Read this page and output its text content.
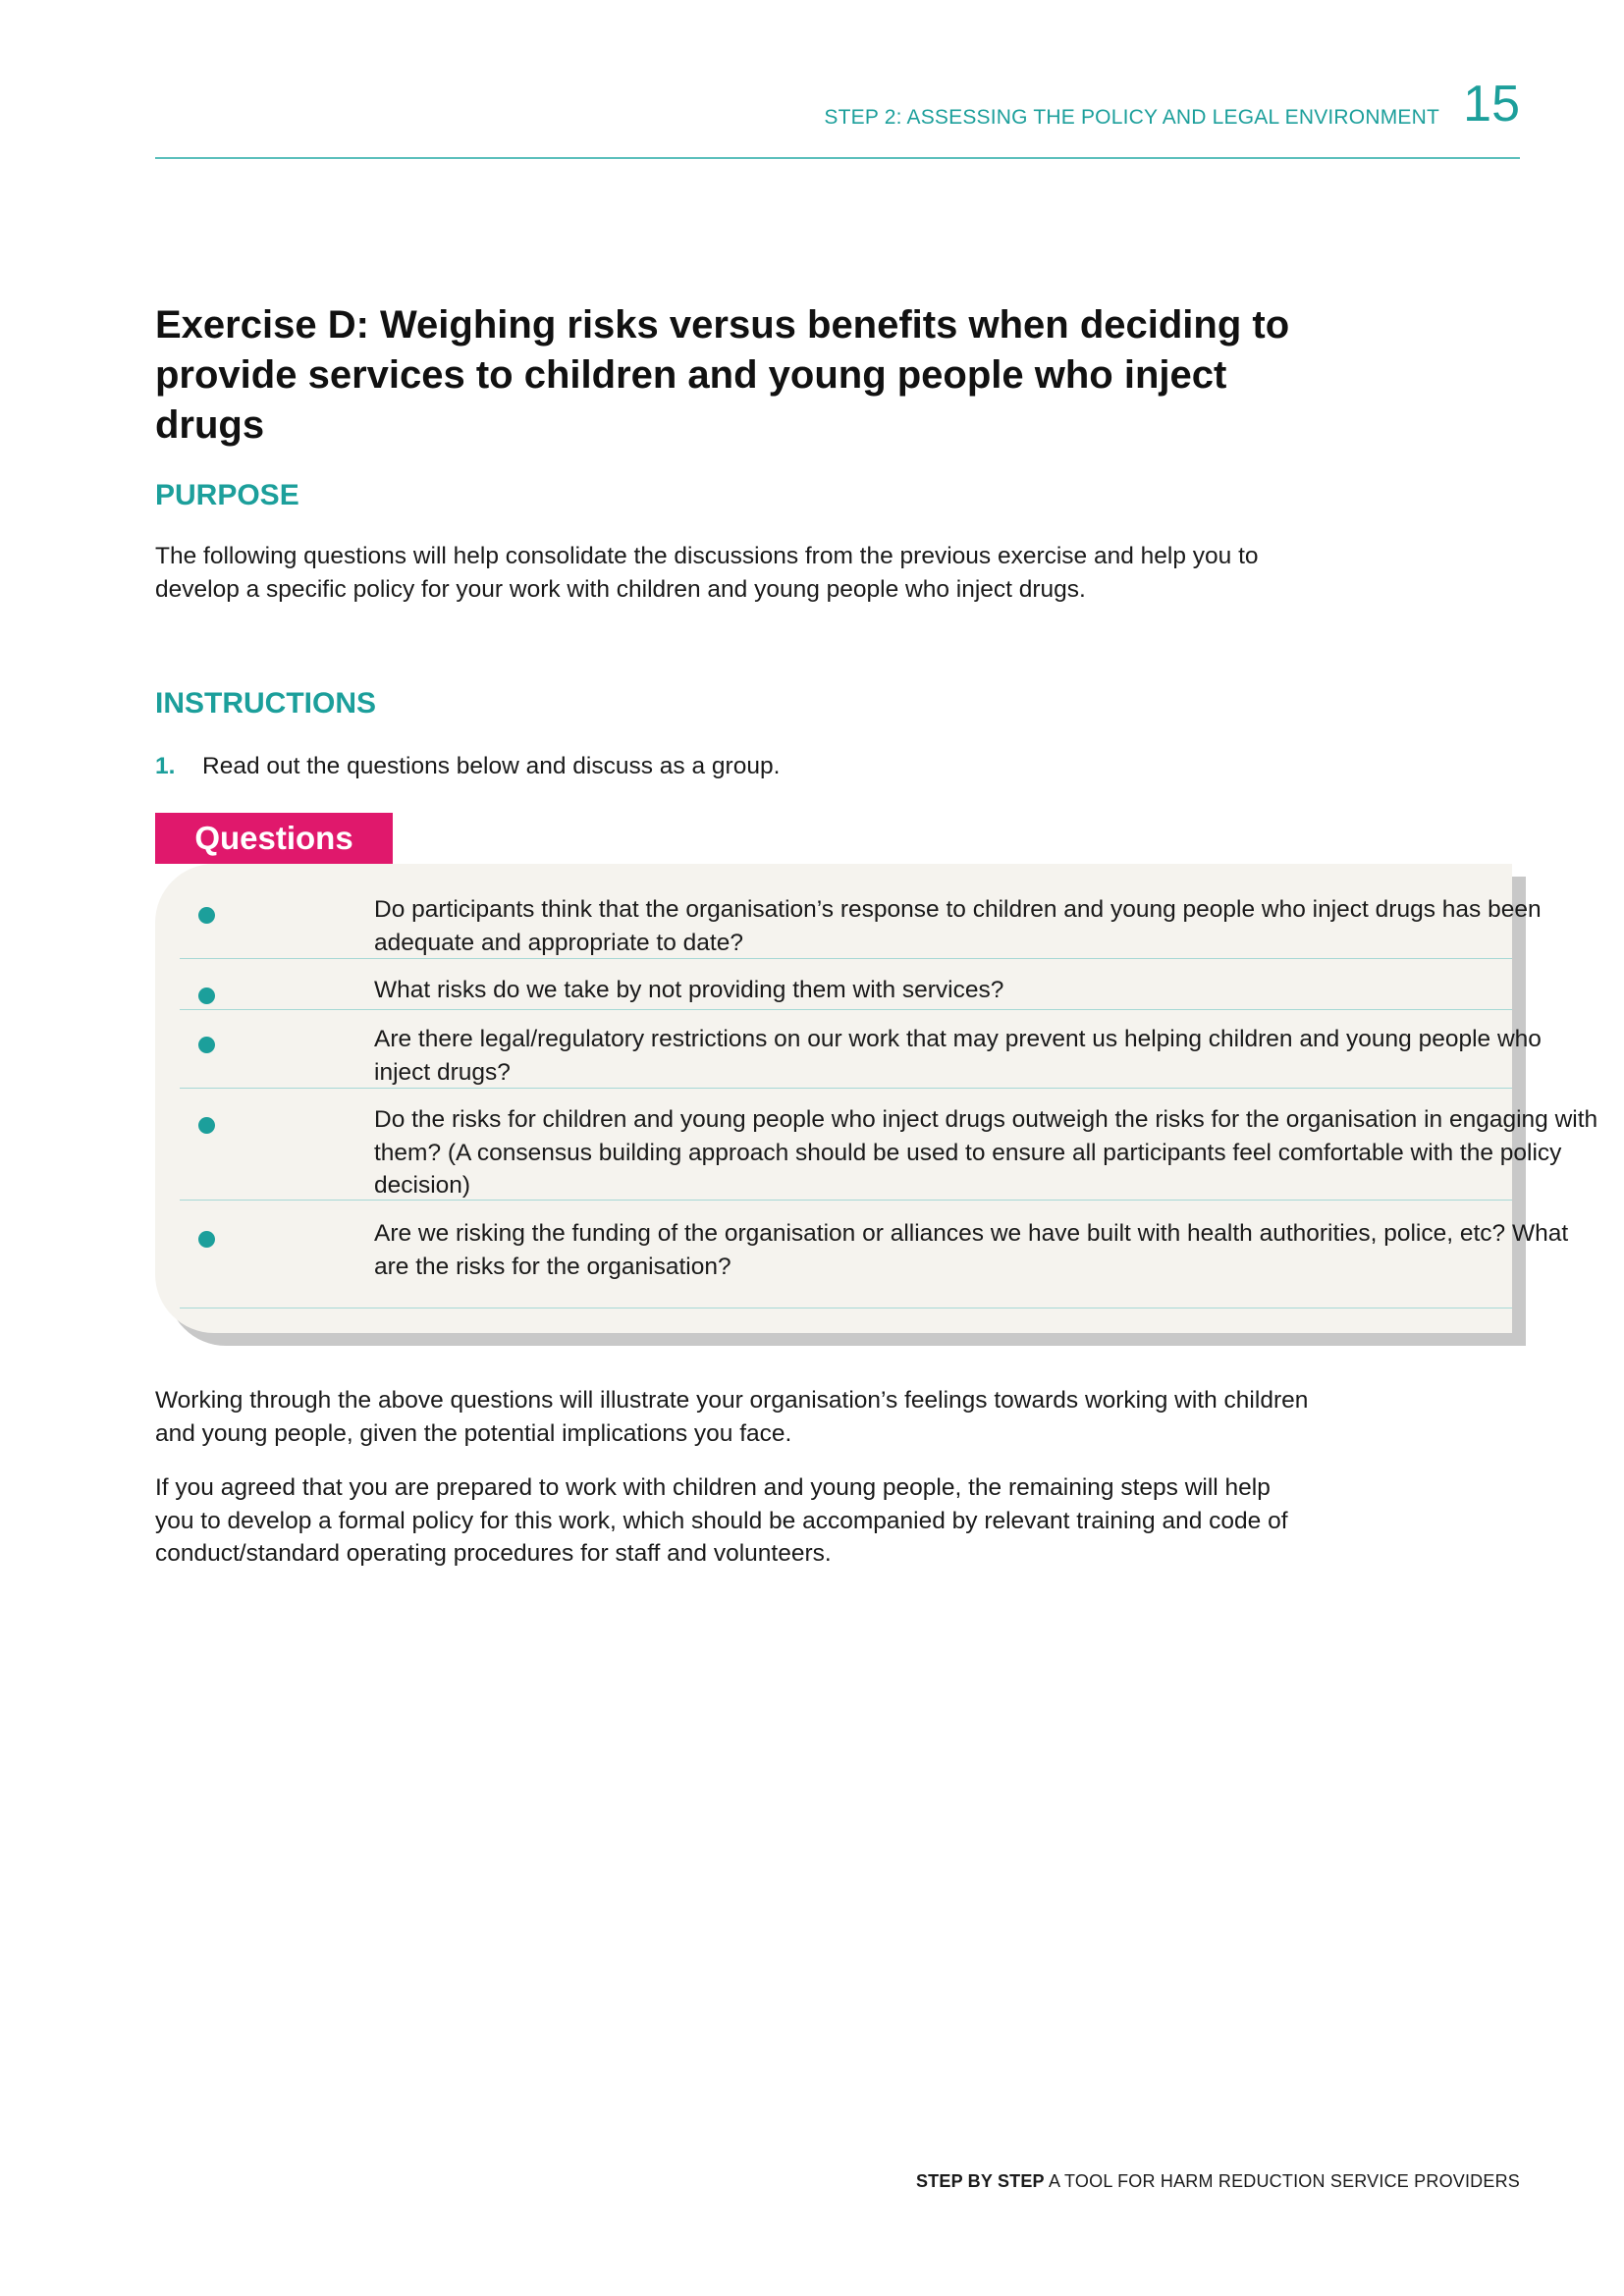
STEP 2: ASSESSING THE POLICY AND LEGAL ENVIRONMENT 15
Exercise D: Weighing risks versus benefits when deciding to provide services to children and young people who inject drugs
PURPOSE

The following questions will help consolidate the discussions from the previous exercise and help you to develop a specific policy for your work with children and young people who inject drugs.

INSTRUCTIONS
1. Read out the questions below and discuss as a group.

Do participants think that the organisation’s response to children and young people who inject drugs has been adequate and appropriate to date?

What risks do we take by not providing them with services?

Are there legal/regulatory restrictions on our work that may prevent us helping children and young people who inject drugs?

Do the risks for children and young people who inject drugs outweigh the risks for the organisation in engaging with them? (A consensus building approach should be used to ensure all participants feel comfortable with the policy decision)

Are we risking the funding of the organisation or alliances we have built with health authorities, police, etc? What are the risks for the organisation?

Questions

Working through the above questions will illustrate your organisation’s feelings towards working with children and young people, given the potential implications you face.

If you agreed that you are prepared to work with children and young people, the remaining steps will help you to develop a formal policy for this work, which should be accompanied by relevant training and code of conduct/standard operating procedures for staff and volunteers.

STEP BY STEP A TOOL FOR HARM REDUCTION SERVICE PROVIDERS
